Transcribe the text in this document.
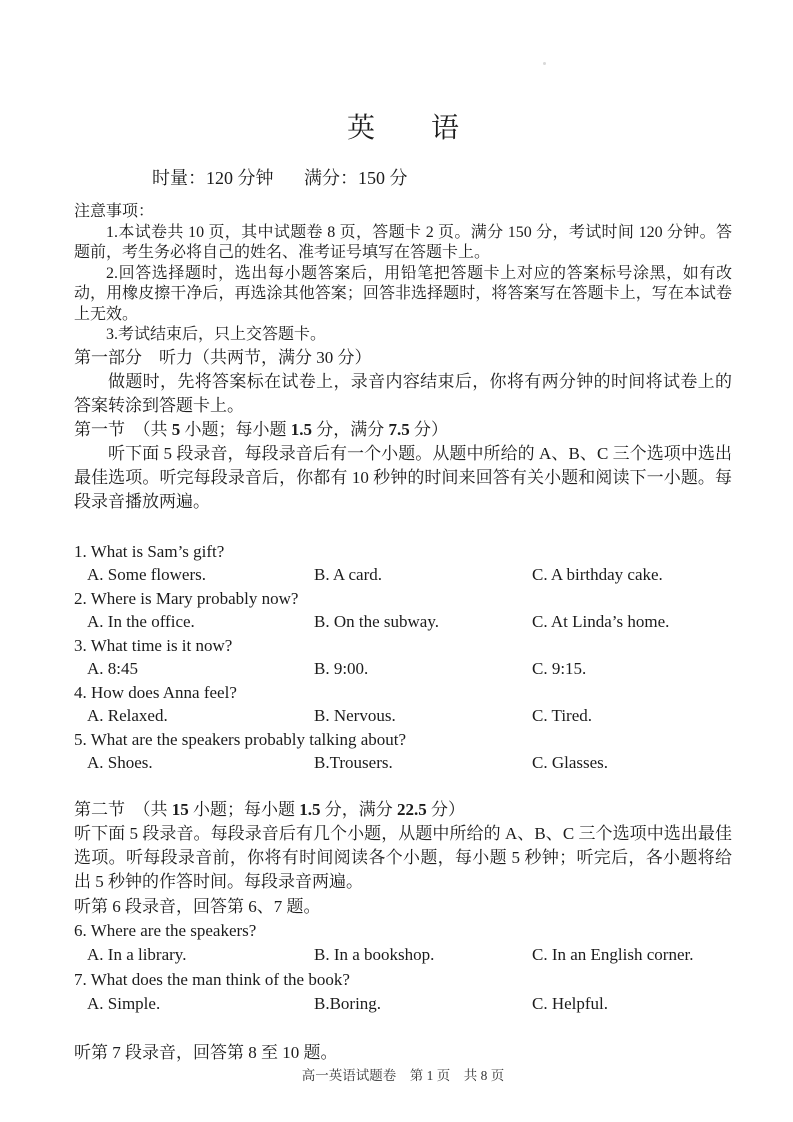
英　　语
时量：120 分钟 满分：150 分

注意事项：

1.本试卷共 10 页，其中试题卷 8 页，答题卡 2 页。满分 150 分，考试时间 120 分钟。答题前，考生务必将自己的姓名、准考证号填写在答题卡上。

2.回答选择题时，选出每小题答案后，用铅笔把答题卡上对应的答案标号涂黑，如有改动，用橡皮擦干净后，再选涂其他答案；回答非选择题时，将答案写在答题卡上，写在本试卷上无效。

3.考试结束后，只上交答题卡。

第一部分　听力（共两节，满分 30 分）

做题时，先将答案标在试卷上，录音内容结束后，你将有两分钟的时间将试卷上的答案转涂到答题卡上。

第一节　（共 5 小题；每小题 1.5 分，满分 7.5 分）

听下面 5 段录音，每段录音后有一个小题。从题中所给的 A、B、C 三个选项中选出最佳选项。听完每段录音后，你都有 10 秒钟的时间来回答有关小题和阅读下一小题。每段录音播放两遍。

1. What is Sam’s gift?
A. Some flowers.	B. A card.	C. A birthday cake.
2. Where is Mary probably now?
A. In the office.	B. On the subway.	C. At Linda’s home.
3. What time is it now?
A. 8:45	B. 9:00.	C. 9:15.
4. How does Anna feel?
A. Relaxed.	B. Nervous.	C. Tired.
5. What are the speakers probably talking about?
A. Shoes.	B.Trousers.	C. Glasses.

第二节　（共 15 小题；每小题 1.5 分，满分 22.5 分）

听下面 5 段录音。每段录音后有几个小题，从题中所给的 A、B、C 三个选项中选出最佳选项。听每段录音前，你将有时间阅读各个小题，每小题 5 秒钟；听完后，各小题将给出 5 秒钟的作答时间。每段录音两遍。

听第 6 段录音，回答第 6、7 题。

6. Where are the speakers?
A. In a library.	B. In a bookshop.	C. In an English corner.
7. What does the man think of the book?
A. Simple.	B.Boring.	C. Helpful.

听第 7 段录音，回答第 8 至 10 题。

高一英语试题卷　第 1 页　共 8 页
